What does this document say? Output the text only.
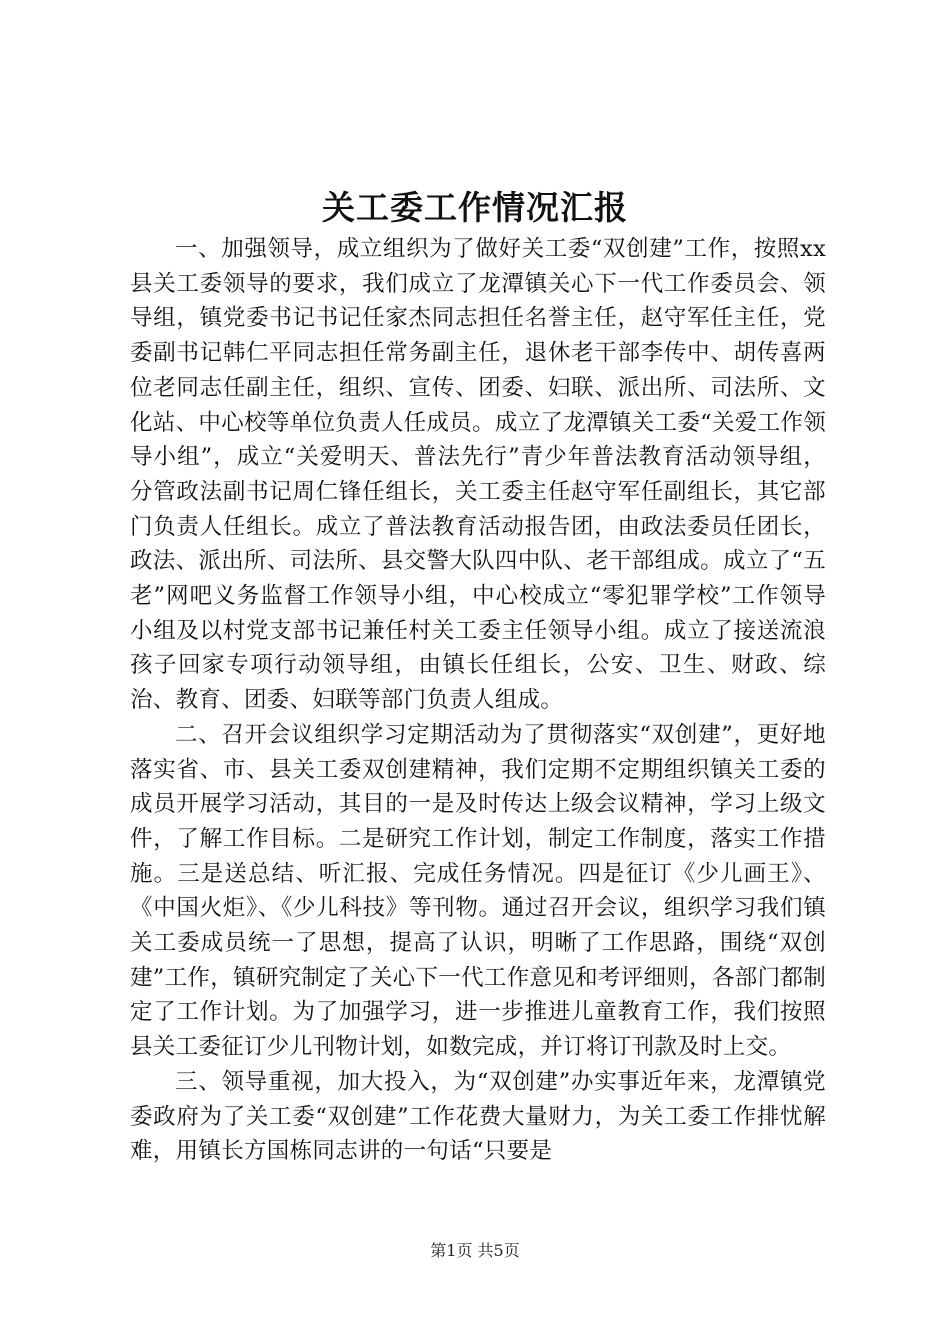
关工委工作情况汇报

一、加强领导，成立组织为了做好关工委“双创建”工作，按照xx县关工委领导的要求，我们成立了龙潭镇关心下一代工作委员会、领导组，镇党委书记书记任家杰同志担任名誉主任，赵守军任主任，党委副书记韩仁平同志担任常务副主任，退休老干部李传中、胡传喜两位老同志任副主任，组织、宣传、团委、妇联、派出所、司法所、文化站、中心校等单位负责人任成员。成立了龙潭镇关工委“关爱工作领导小组”，成立“关爱明天、普法先行”青少年普法教育活动领导组，分管政法副书记周仁锋任组长，关工委主任赵守军任副组长，其它部门负责人任组长。成立了普法教育活动报告团，由政法委员任团长，政法、派出所、司法所、县交警大队四中队、老干部组成。成立了“五老”网吧义务监督工作领导小组，中心校成立“零犯罪学校”工作领导小组及以村党支部书记兼任村关工委主任领导小组。成立了接送流浪孩子回家专项行动领导组，由镇长任组长，公安、卫生、财政、综治、教育、团委、妇联等部门负责人组成。

二、召开会议组织学习定期活动为了贯彻落实“双创建”，更好地落实省、市、县关工委双创建精神，我们定期不定期组织镇关工委的成员开展学习活动，其目的一是及时传达上级会议精神，学习上级文件，了解工作目标。二是研究工作计划，制定工作制度，落实工作措施。三是送总结、听汇报、完成任务情况。四是征订《少儿画王》、《中国火炬》、《少儿科技》等刊物。通过召开会议，组织学习我们镇关工委成员统一了思想，提高了认识，明晰了工作思路，围绕“双创建”工作，镇研究制定了关心下一代工作意见和考评细则，各部门都制定了工作计划。为了加强学习，进一步推进儿童教育工作，我们按照县关工委征订少儿刊物计划，如数完成，并订将订刊款及时上交。

三、领导重视，加大投入，为“双创建”办实事近年来，龙潭镇党委政府为了关工委“双创建”工作花费大量财力，为关工委工作排忧解难，用镇长方国栋同志讲的一句话“只要是

第1页 共5页
